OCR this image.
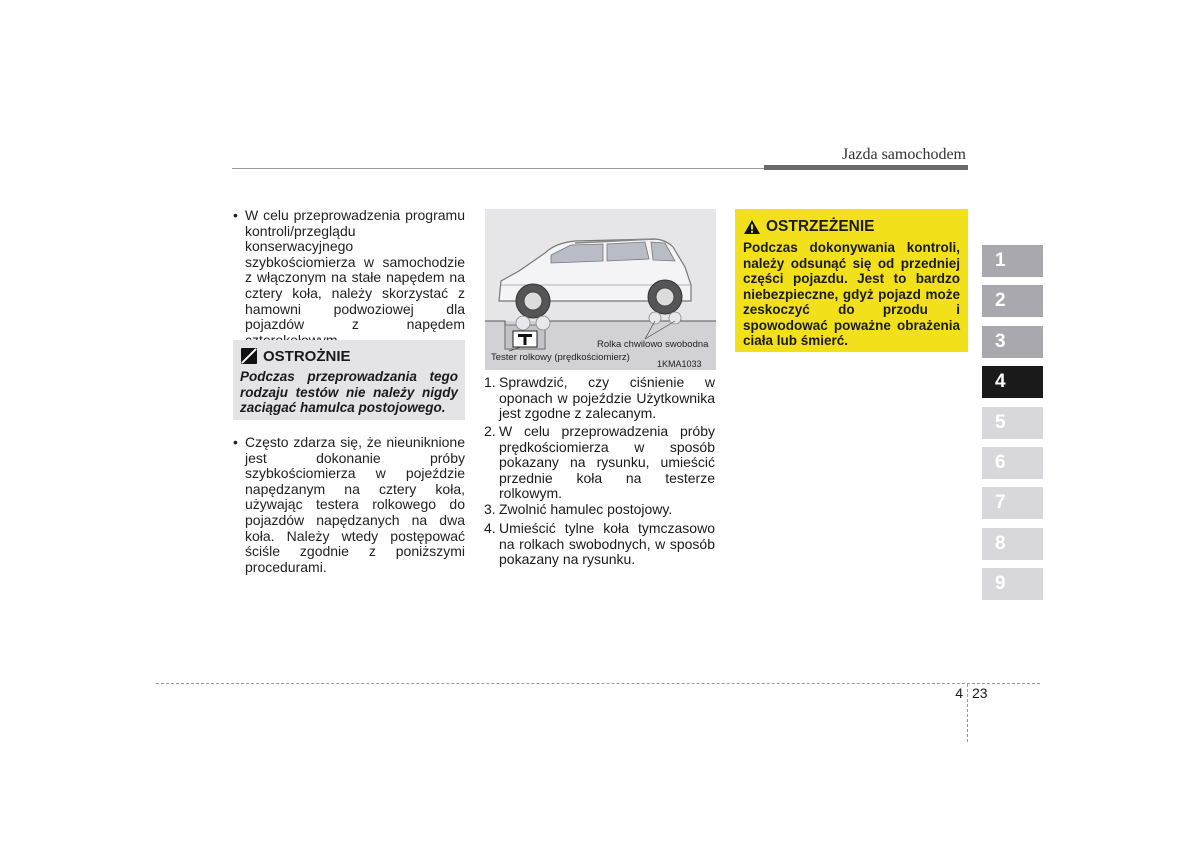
Jazda samochodem
• W celu przeprowadzenia programu kontroli/przeglądu konserwacyjnego szybkościomierza w samochodzie z włączonym na stałe napędem na cztery koła, należy skorzystać z hamowni podwoziowej dla pojazdów z napędem
OSTROŻNIE
Podczas przeprowadzania tego rodzaju testów nie należy nigdy zaciągać hamulca postojowego.
• Często zdarza się, że nieuniknione jest dokonanie próby szybkościomierza w pojeździe napędzanym na cztery koła, używając testera rolkowego do pojazdów napędzanych na dwa koła. Należy wtedy postępować ściśle zgodnie z poniższymi procedurami.
Rolka chwilowo swobodna
Tester rolkowy (prędkościomierz)
1KMA1033
1. Sprawdzić, czy ciśnienie w oponach w pojeździe Użytkownika jest zgodne z zalecanym.
2. W celu przeprowadzenia próby prędkościomierza w sposób pokazany na rysunku, umieścić przednie koła na testerze rolkowym.
3. Zwolnić hamulec postojowy.
4. Umieścić tylne koła tymczasowo na rolkach swobodnych, w sposób pokazany na rysunku.
OSTRZEŻENIE
Podczas dokonywania kontroli, należy odsunąć się od przedniej części pojazdu. Jest to bardzo niebezpieczne, gdyż pojazd może zeskoczyć do przodu i spowodować poważne obrażenia ciała lub śmierć.
1
2
3
4
5
6
7
8
9
4 23
